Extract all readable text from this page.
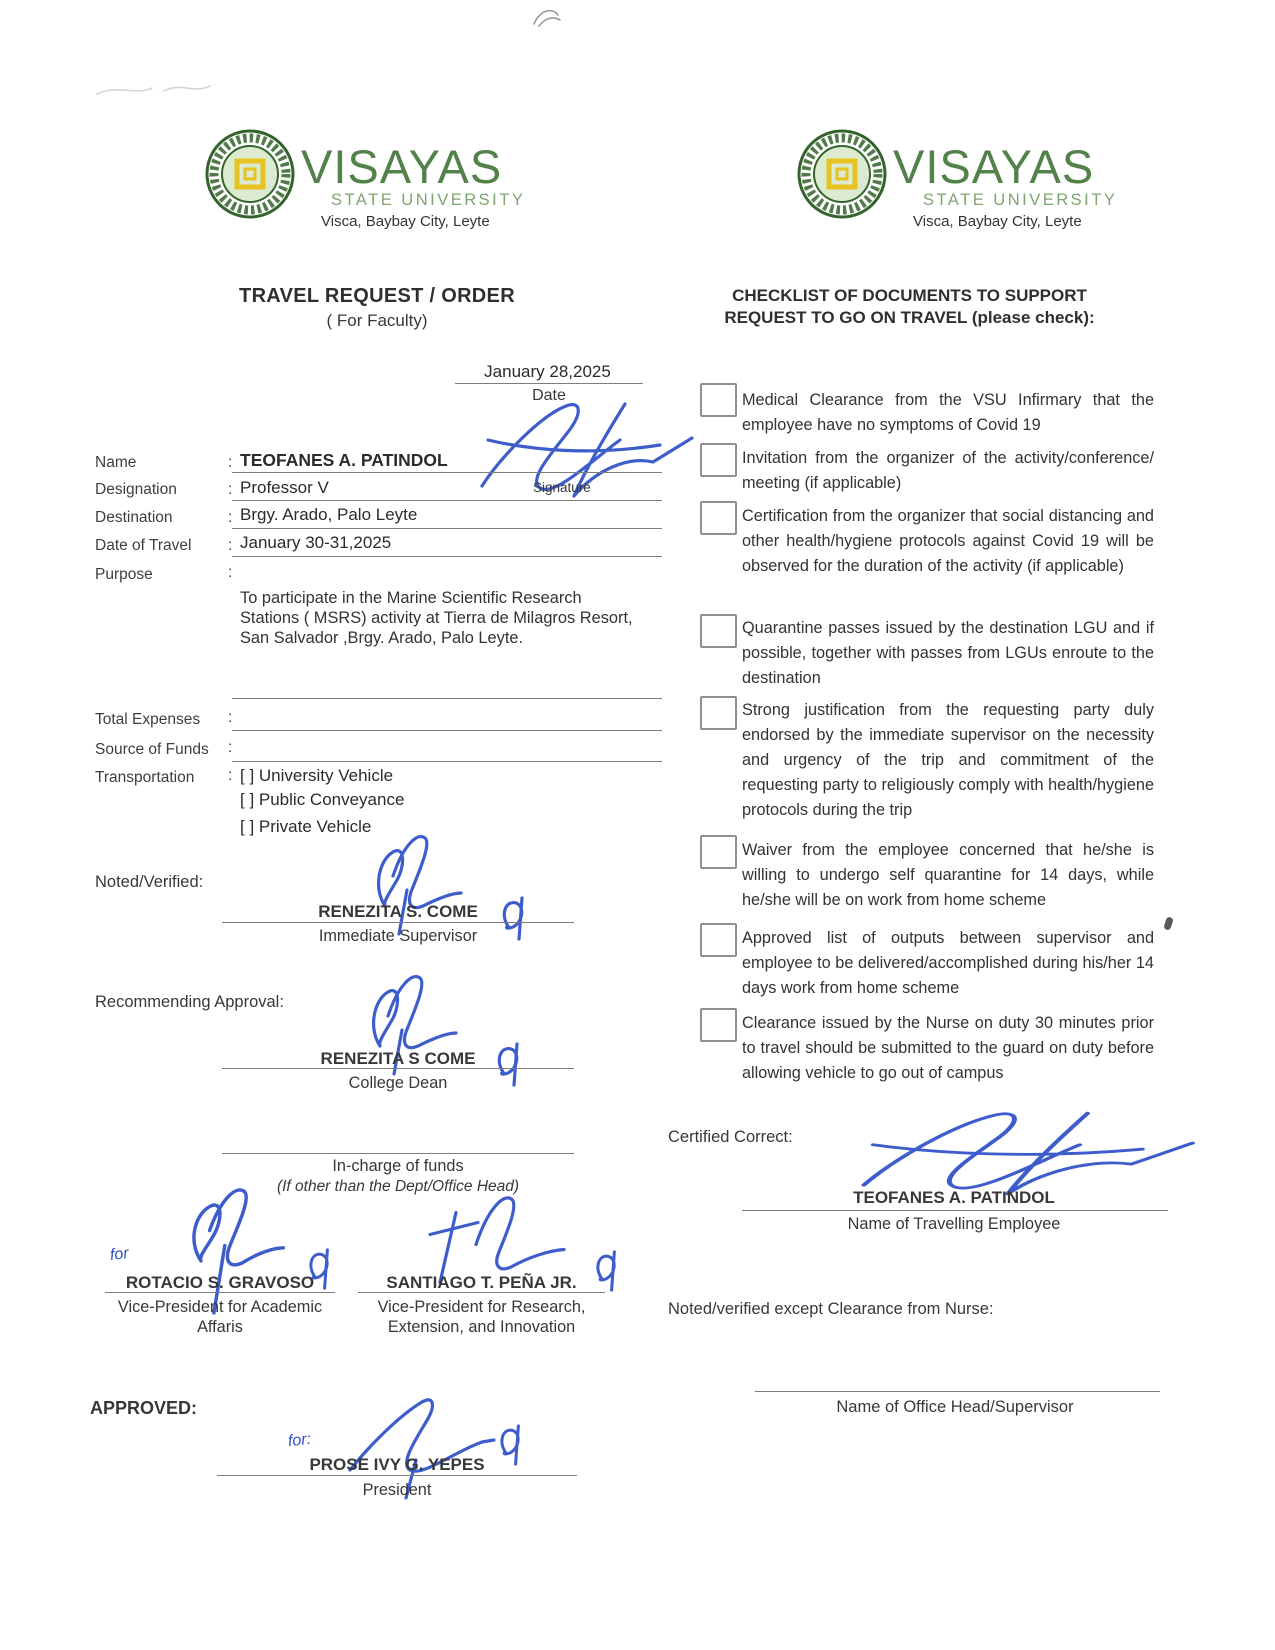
VISAYAS
STATE UNIVERSITY
Visca, Baybay City, Leyte
VISAYAS
STATE UNIVERSITY
Visca, Baybay City, Leyte
TRAVEL REQUEST / ORDER
( For Faculty)
CHECKLIST OF DOCUMENTS TO SUPPORT
REQUEST TO GO ON TRAVEL (please check):
January 28,2025
Date
Signature
Name	: TEOFANES A. PATINDOL
Designation	: Professor V
Destination	: Brgy. Arado, Palo Leyte
Date of Travel : January 30-31,2025
Purpose	:
To participate in the Marine Scientific Research Stations ( MSRS) activity at Tierra de Milagros Resort, San Salvador ,Brgy. Arado, Palo Leyte.
Total Expenses :
Source of Funds :
Transportation : [ ] University Vehicle
[ ] Public Conveyance
[ ] Private Vehicle
Noted/Verified:
RENEZITA S. COME
Immediate Supervisor
Recommending Approval:
RENEZITA S COME
College Dean
In-charge of funds
(If other than the Dept/Office Head)
for
ROTACIO S. GRAVOSO
Vice-President for Academic
Affaris
SANTIAGO T. PEÑA JR.
Vice-President for Research,
Extension, and Innovation
APPROVED:
for:
PROSE IVY G. YEPES
President
Medical Clearance from the VSU Infirmary that the employee have no symptoms of Covid 19
Invitation from the organizer of the activity/conference/ meeting (if applicable)
Certification from the organizer that social distancing and other health/hygiene protocols against Covid 19 will be observed for the duration of the activity (if applicable)
Quarantine passes issued by the destination LGU and if possible, together with passes from LGUs enroute to the destination
Strong justification from the requesting party duly endorsed by the immediate supervisor on the necessity and urgency of the trip and commitment of the requesting party to religiously comply with health/hygiene protocols during the trip
Waiver from the employee concerned that he/she is willing to undergo self quarantine for 14 days, while he/she will be on work from home scheme
Approved list of outputs between supervisor and employee to be delivered/accomplished during his/her 14 days work from home scheme
Clearance issued by the Nurse on duty 30 minutes prior to travel should be submitted to the guard on duty before allowing vehicle to go out of campus
Certified Correct:
TEOFANES A. PATINDOL
Name of Travelling Employee
Noted/verified except Clearance from Nurse:
Name of Office Head/Supervisor
